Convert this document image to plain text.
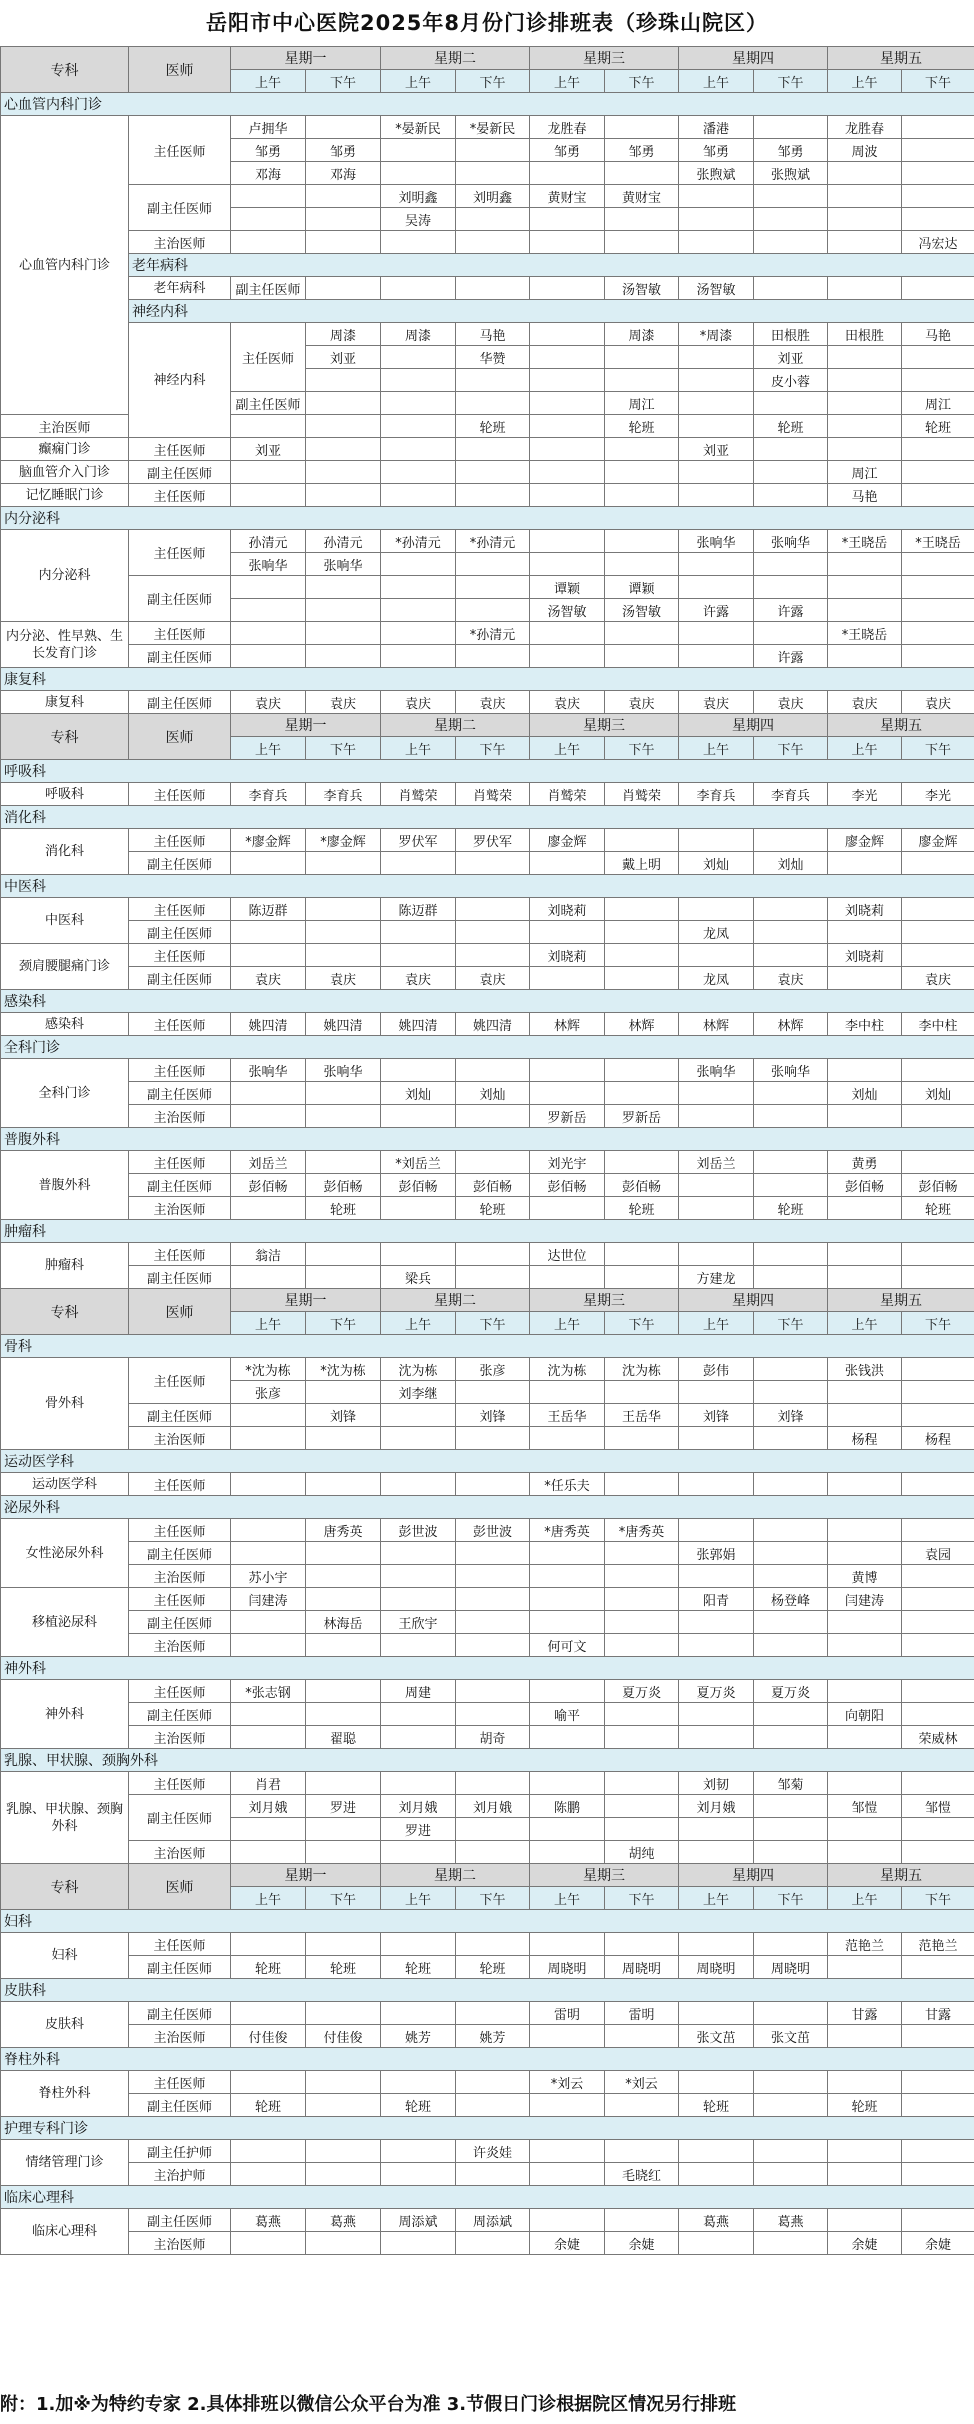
岳阳市中心医院2025年8月份门诊排班表（珍珠山院区）
专科	医师	星期一		星期二		星期三		星期四		星期五		
		上午	下午	上午	下午	上午	下午	上午	下午	上午	下午	
心血管内科门诊												
心血管内科门诊	主任医师	卢拥华		*晏新民	*晏新民	龙胜春		潘港		龙胜春		
		邹勇	邹勇			邹勇	邹勇	邹勇	邹勇	周波		
		邓海	邓海					张煦斌	张煦斌			
	副主任医师			刘明鑫	刘明鑫	黄财宝	黄财宝					
				吴涛								
	主治医师										冯宏达	
	老年病科											
	老年病科	副主任医师					汤智敏	汤智敏				
	神经内科											
	神经内科	主任医师	周漆	周漆	马艳		周漆	*周漆	田根胜	田根胜	马艳	
			刘亚		华赞				刘亚			
									皮小蓉			
		副主任医师					周江				周江	
主治医师					轮班		轮班		轮班		轮班	
癫痫门诊	主任医师	刘亚						刘亚				
脑血管介入门诊	副主任医师									周江		
记忆睡眠门诊	主任医师									马艳		
内分泌科												
内分泌科	主任医师	孙清元	孙清元	*孙清元	*孙清元			张响华	张响华	*王晓岳	*王晓岳	
		张响华	张响华									
	副主任医师					谭颖	谭颖					
						汤智敏	汤智敏	许露	许露			
内分泌、性早熟、生长发育门诊	主任医师				*孙清元					*王晓岳		
	副主任医师								许露			
康复科												
康复科	副主任医师	袁庆	袁庆	袁庆	袁庆	袁庆	袁庆	袁庆	袁庆	袁庆	袁庆	
专科	医师	星期一		星期二		星期三		星期四		星期五		
		上午	下午	上午	下午	上午	下午	上午	下午	上午	下午	
呼吸科												
呼吸科	主任医师	李育兵	李育兵	肖鹫荣	肖鹫荣	肖鹫荣	肖鹫荣	李育兵	李育兵	李光	李光	
消化科												
消化科	主任医师	*廖金辉	*廖金辉	罗伏军	罗伏军	廖金辉				廖金辉	廖金辉	
	副主任医师						戴上明	刘灿	刘灿			
中医科												
中医科	主任医师	陈迈群		陈迈群		刘晓莉				刘晓莉		
	副主任医师							龙凤				
颈肩腰腿痛门诊	主任医师					刘晓莉				刘晓莉		
	副主任医师	袁庆	袁庆	袁庆	袁庆			龙凤	袁庆		袁庆	
感染科												
感染科	主任医师	姚四清	姚四清	姚四清	姚四清	林辉	林辉	林辉	林辉	李中柱	李中柱	
全科门诊												
全科门诊	主任医师	张响华	张响华					张响华	张响华			
	副主任医师			刘灿	刘灿					刘灿	刘灿	
	主治医师					罗新岳	罗新岳					
普腹外科												
普腹外科	主任医师	刘岳兰		*刘岳兰		刘光宇		刘岳兰		黄勇		
	副主任医师	彭佰畅	彭佰畅	彭佰畅	彭佰畅	彭佰畅	彭佰畅			彭佰畅	彭佰畅	
	主治医师		轮班		轮班		轮班		轮班		轮班	
肿瘤科												
肿瘤科	主任医师	翁洁				达世位						
	副主任医师			梁兵				方建龙				
专科	医师	星期一		星期二		星期三		星期四		星期五		
		上午	下午	上午	下午	上午	下午	上午	下午	上午	下午	
骨科												
骨外科	主任医师	*沈为栋	*沈为栋	沈为栋	张彦	沈为栋	沈为栋	彭伟		张钱洪		
		张彦		刘李继								
	副主任医师		刘锋		刘锋	王岳华	王岳华	刘锋	刘锋			
	主治医师									杨程	杨程	
运动医学科												
运动医学科	主任医师					*任乐夫						
泌尿外科												
女性泌尿外科	主任医师		唐秀英	彭世波	彭世波	*唐秀英	*唐秀英					
	副主任医师							张郭娟			袁园	
	主治医师	苏小宇								黄博		
移植泌尿科	主任医师	闫建涛						阳青	杨登峰	闫建涛		
	副主任医师		林海岳	王欣宇								
	主治医师					何可文						
神外科												
神外科	主任医师	*张志钢		周建			夏万炎	夏万炎	夏万炎			
	副主任医师					喻平				向朝阳		
	主治医师		翟聪		胡奇						荣威林	
乳腺、甲状腺、颈胸外科												
乳腺、甲状腺、颈胸外科	主任医师	肖君						刘韧	邹菊			
	副主任医师	刘月娥	罗进	刘月娥	刘月娥	陈鹏		刘月娥		邹愷	邹愷	
				罗进								
	主治医师						胡纯					
专科	医师	星期一		星期二		星期三		星期四		星期五		
		上午	下午	上午	下午	上午	下午	上午	下午	上午	下午	
妇科												
妇科	主任医师									范艳兰	范艳兰	
	副主任医师	轮班	轮班	轮班	轮班	周晓明	周晓明	周晓明	周晓明			
皮肤科												
皮肤科	副主任医师					雷明	雷明			甘露	甘露	
	主治医师	付佳俊	付佳俊	姚芳	姚芳			张文茁	张文茁			
脊柱外科												
脊柱外科	主任医师					*刘云	*刘云					
	副主任医师	轮班		轮班				轮班		轮班		
护理专科门诊												
情绪管理门诊	副主任护师				许炎娃							
	主治护师						毛晓红					
临床心理科												
临床心理科	副主任医师	葛燕	葛燕	周添斌	周添斌			葛燕	葛燕			
	主治医师					余婕	余婕			余婕	余婕	
附：1.加※为特约专家 2.具体排班以微信公众平台为准 3.节假日门诊根据院区情况另行排班
